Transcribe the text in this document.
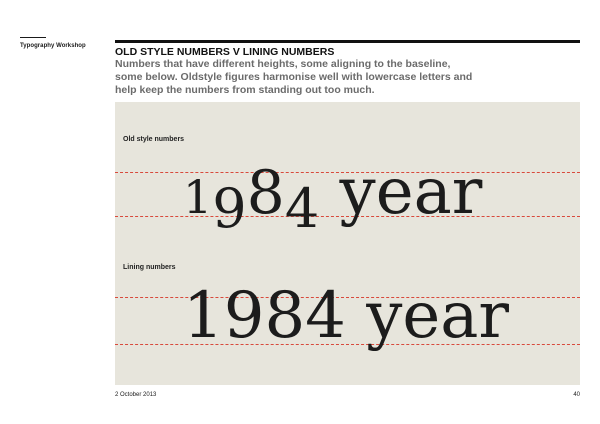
Typography Workshop	OLD STYLE NUMBERS V LINING NUMBERS
Numbers that have different heights, some aligning to the baseline,
some below. Oldstyle figures harmonise well with lowercase letters and
help keep the numbers from standing out too much.
Old style numbers
1984 year
Lining numbers
1984 year
2 October 2013	40
